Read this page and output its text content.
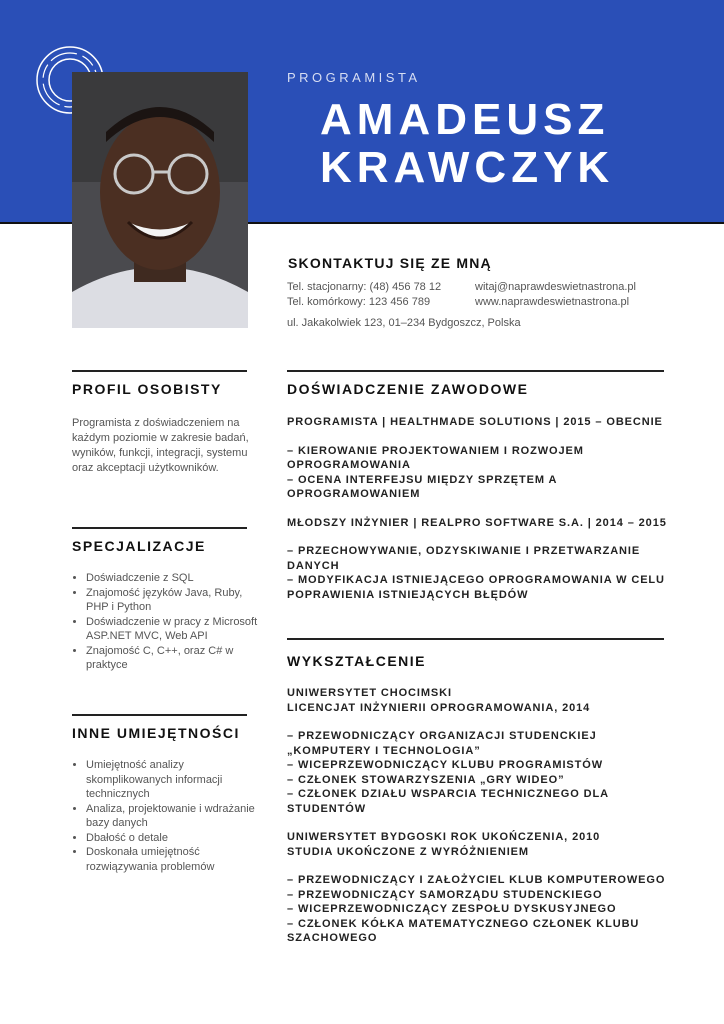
PROGRAMISTA
AMADEUSZ
KRAWCZYK
SKONTAKTUJ SIĘ ZE MNĄ
Tel. stacjonarny: (48) 456 78 12
Tel. komórkowy: 123 456 789
witaj@naprawdeswietnastrona.pl
www.naprawdeswietnastrona.pl
ul. Jakakolwiek 123, 01–234 Bydgoszcz, Polska
PROFIL OSOBISTY
Programista z doświadczeniem na każdym poziomie w zakresie badań, wyników, funkcji, integracji, systemu oraz akceptacji użytkowników.
SPECJALIZACJE
• Doświadczenie z SQL
• Znajomość języków Java, Ruby, PHP i Python
• Doświadczenie w pracy z Microsoft ASP.NET MVC, Web API
• Znajomość C, C++, oraz C# w praktyce
INNE UMIEJĘTNOŚCI
• Umiejętność analizy skomplikowanych informacji technicznych
• Analiza, projektowanie i wdrażanie bazy danych
• Dbałość o detale
• Doskonała umiejętność rozwiązywania problemów
DOŚWIADCZENIE ZAWODOWE
PROGRAMISTA | HEALTHMADE SOLUTIONS | 2015 – OBECNIE
– KIEROWANIE PROJEKTOWANIEM I ROZWOJEM OPROGRAMOWANIA
– OCENA INTERFEJSU MIĘDZY SPRZĘTEM A OPROGRAMOWANIEM
MŁODSZY INŻYNIER | REALPRO SOFTWARE S.A. | 2014 – 2015
– PRZECHOWYWANIE, ODZYSKIWANIE I PRZETWARZANIE DANYCH
– MODYFIKACJA ISTNIEJĄCEGO OPROGRAMOWANIA W CELU POPRAWIENIA ISTNIEJĄCYCH BŁĘDÓW
WYKSZTAŁCENIE
UNIWERSYTET CHOCIMSKI
LICENCJAT INŻYNIERII OPROGRAMOWANIA, 2014
– PRZEWODNICZĄCY ORGANIZACJI STUDENCKIEJ „KOMPUTERY I TECHNOLOGIA”
– WICEPRZEWODNICZĄCY KLUBU PROGRAMISTÓW
– CZŁONEK STOWARZYSZENIA „GRY WIDEO”
– CZŁONEK DZIAŁU WSPARCIA TECHNICZNEGO DLA STUDENTÓW
UNIWERSYTET BYDGOSKI ROK UKOŃCZENIA, 2010
STUDIA UKOŃCZONE Z WYRÓŻNIENIEM
– PRZEWODNICZĄCY I ZAŁOŻYCIEL KLUB KOMPUTEROWEGO
– PRZEWODNICZĄCY SAMORZĄDU STUDENCKIEGO
– WICEPRZEWODNICZĄCY ZESPOŁU DYSKUSYJNEGO
– CZŁONEK KÓŁKA MATEMATYCZNEGO CZŁONEK KLUBU SZACHOWEGO
